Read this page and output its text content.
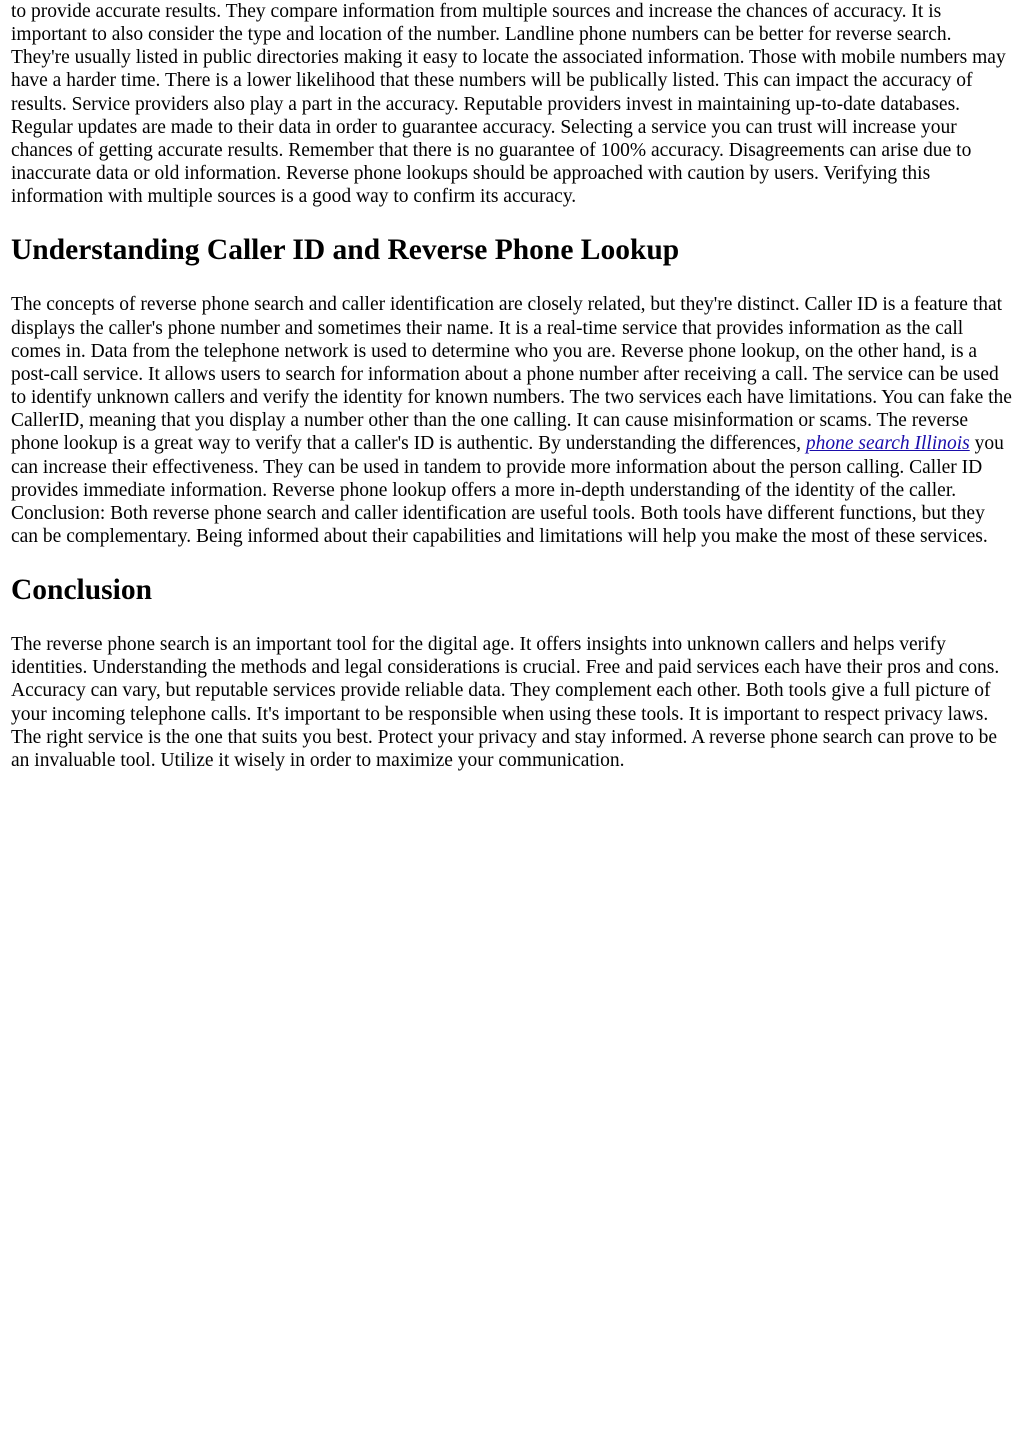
to provide accurate results. They compare information from multiple sources and increase the chances of accuracy. It is important to also consider the type and location of the number. Landline phone numbers can be better for reverse search. They're usually listed in public directories making it easy to locate the associated information. Those with mobile numbers may have a harder time. There is a lower likelihood that these numbers will be publically listed. This can impact the accuracy of results. Service providers also play a part in the accuracy. Reputable providers invest in maintaining up-to-date databases. Regular updates are made to their data in order to guarantee accuracy. Selecting a service you can trust will increase your chances of getting accurate results. Remember that there is no guarantee of 100% accuracy. Disagreements can arise due to inaccurate data or old information. Reverse phone lookups should be approached with caution by users. Verifying this information with multiple sources is a good way to confirm its accuracy.

Understanding Caller ID and Reverse Phone Lookup

The concepts of reverse phone search and caller identification are closely related, but they're distinct. Caller ID is a feature that displays the caller's phone number and sometimes their name. It is a real-time service that provides information as the call comes in. Data from the telephone network is used to determine who you are. Reverse phone lookup, on the other hand, is a post-call service. It allows users to search for information about a phone number after receiving a call. The service can be used to identify unknown callers and verify the identity for known numbers. The two services each have limitations. You can fake the CallerID, meaning that you display a number other than the one calling. It can cause misinformation or scams. The reverse phone lookup is a great way to verify that a caller's ID is authentic. By understanding the differences, phone search Illinois you can increase their effectiveness. They can be used in tandem to provide more information about the person calling. Caller ID provides immediate information. Reverse phone lookup offers a more in-depth understanding of the identity of the caller. Conclusion: Both reverse phone search and caller identification are useful tools. Both tools have different functions, but they can be complementary. Being informed about their capabilities and limitations will help you make the most of these services.

Conclusion

The reverse phone search is an important tool for the digital age. It offers insights into unknown callers and helps verify identities. Understanding the methods and legal considerations is crucial. Free and paid services each have their pros and cons. Accuracy can vary, but reputable services provide reliable data. They complement each other. Both tools give a full picture of your incoming telephone calls. It's important to be responsible when using these tools. It is important to respect privacy laws. The right service is the one that suits you best. Protect your privacy and stay informed. A reverse phone search can prove to be an invaluable tool. Utilize it wisely in order to maximize your communication.
